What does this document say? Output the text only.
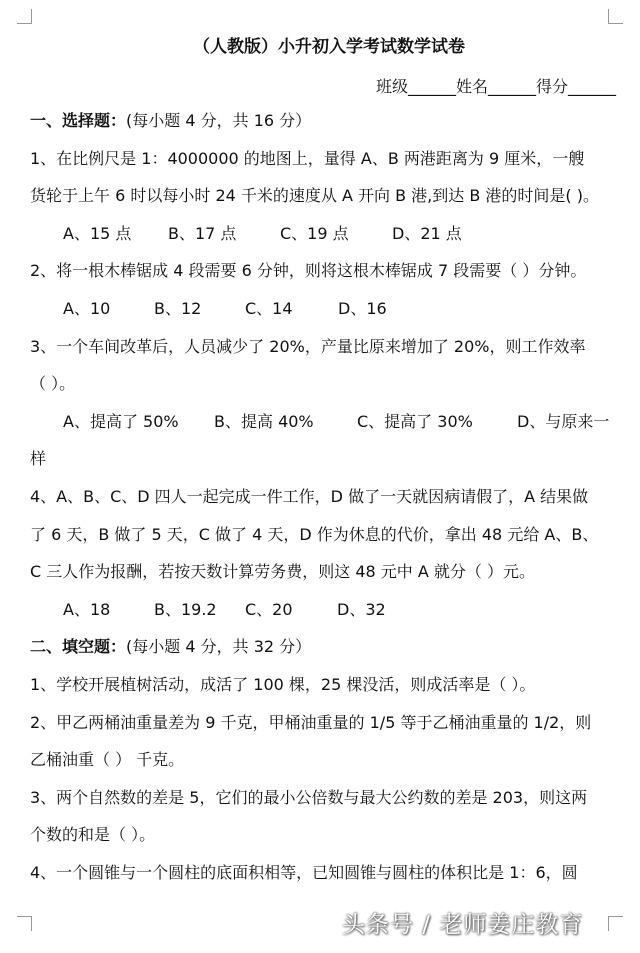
（人教版）小升初入学考试数学试卷
班级______姓名______得分______
一、选择题：(每小题 4 分，共 16 分）
1、在比例尺是 1：4000000 的地图上，量得 A、B 两港距离为 9 厘米，一艘
货轮于上午 6 时以每小时 24 千米的速度从 A 开向 B 港,到达 B 港的时间是( )。
A、15 点 B、17 点	C、19 点	D、21 点
2、将一根木棒锯成 4 段需要 6 分钟，则将这根木棒锯成 7 段需要（ ）分钟。
A、10	B、12	C、14	D、16
3、一个车间改革后，人员减少了 20%，产量比原来增加了 20%，则工作效率
（ ）。
A、提高了 50% B、提高 40%	C、提高了 30%	D、与原来一
样
4、A、B、C、D 四人一起完成一件工作，D 做了一天就因病请假了，A 结果做
了 6 天，B 做了 5 天，C 做了 4 天，D 作为休息的代价，拿出 48 元给 A、B、
C 三人作为报酬，若按天数计算劳务费，则这 48 元中 A 就分（ ）元。
A、18	B、19.2 C、20	D、32
二、填空题：(每小题 4 分，共 32 分）
1、学校开展植树活动，成活了 100 棵，25 棵没活，则成活率是（ ）。
2、甲乙两桶油重量差为 9 千克，甲桶油重量的 1/5 等于乙桶油重量的 1/2，则
乙桶油重（ ） 千克。
3、两个自然数的差是 5，它们的最小公倍数与最大公约数的差是 203，则这两
个数的和是（ ）。
4、一个圆锥与一个圆柱的底面积相等，已知圆锥与圆柱的体积比是 1：6，圆
头条号 / 老师姜庄教育
